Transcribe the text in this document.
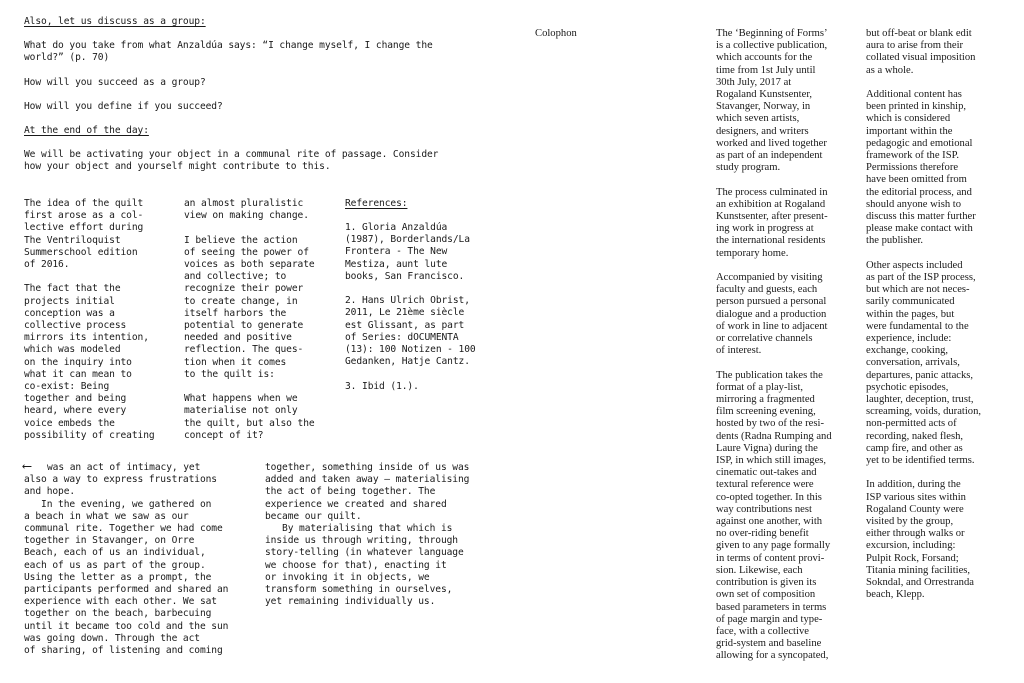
Also, let us discuss as a group:
What do you take from what Anzaldúa says: “I change myself, I change the
world?” (p. 70)
How will you succeed as a group?
How will you define if you succeed?
At the end of the day:
We will be activating your object in a communal rite of passage. Consider
how your object and yourself might contribute to this.
The idea of the quilt
first arose as a col-
lective effort during
The Ventriloquist
Summerschool edition
of 2016.
The fact that the
projects initial
conception was a
collective process
mirrors its intention,
which was modeled
on the inquiry into
what it can mean to
co-exist: Being
together and being
heard, where every
voice embeds the
possibility of creating
an almost pluralistic
view on making change.
I believe the action
of seeing the power of
voices as both separate
and collective; to
recognize their power
to create change, in
itself harbors the
potential to generate
needed and positive
reflection. The ques-
tion when it comes
to the quilt is:
What happens when we
materialise not only
the quilt, but also the
concept of it?
References:
1. Gloria Anzaldúa
(1987), Borderlands/La
Frontera - The New
Mestiza, aunt lute
books, San Francisco.
2. Hans Ulrich Obrist,
2011, Le 21ème siècle
est Glissant, as part
of Series: dOCUMENTA
(13): 100 Notizen - 100
Gedanken, Hatje Cantz.
3. Ibid (1.).
⟵	was an act of intimacy, yet
also a way to express frustrations
and hope.
In the evening, we gathered on
a beach in what we saw as our
communal rite. Together we had come
together in Stavanger, on Orre
Beach, each of us an individual,
each of us as part of the group.
Using the letter as a prompt, the
participants performed and shared an
experience with each other. We sat
together on the beach, barbecuing
until it became too cold and the sun
was going down. Through the act
of sharing, of listening and coming
together, something inside of us was
added and taken away — materialising
the act of being together. The
experience we created and shared
became our quilt.
By materialising that which is
inside us through writing, through
story-telling (in whatever language
we choose for that), enacting it
or invoking it in objects, we
transform something in ourselves,
yet remaining individually us.
Colophon	The ‘Beginning of Forms’
is a collective publication,
which accounts for the
time from 1st July until
30th July, 2017 at
Rogaland Kunstsenter,
Stavanger, Norway, in
which seven artists,
designers, and writers
worked and lived together
as part of an independent
study program.
The process culminated in
an exhibition at Rogaland
Kunstsenter, after present-
ing work in progress at
the international residents
temporary home.
Accompanied by visiting
faculty and guests, each
person pursued a personal
dialogue and a production
of work in line to adjacent
or correlative channels
of interest.
The publication takes the
format of a play-list,
mirroring a fragmented
film screening evening,
hosted by two of the resi-
dents (Radna Rumping and
Laure Vigna) during the
ISP, in which still images,
cinematic out-takes and
textural reference were
co-opted together. In this
way contributions nest
against one another, with
no over-riding benefit
given to any page formally
in terms of content provi-
sion. Likewise, each
contribution is given its
own set of composition
based parameters in terms
of page margin and type-
face, with a collective
grid-system and baseline
allowing for a syncopated,
but off-beat or blank edit
aura to arise from their
collated visual imposition
as a whole.
Additional content has
been printed in kinship,
which is considered
important within the
pedagogic and emotional
framework of the ISP.
Permissions therefore
have been omitted from
the editorial process, and
should anyone wish to
discuss this matter further
please make contact with
the publisher.
Other aspects included
as part of the ISP process,
but which are not neces-
sarily communicated
within the pages, but
were fundamental to the
experience, include:
exchange, cooking,
conversation, arrivals,
departures, panic attacks,
psychotic episodes,
laughter, deception, trust,
screaming, voids, duration,
non-permitted acts of
recording, naked flesh,
camp fire, and other as
yet to be identified terms.
In addition, during the
ISP various sites within
Rogaland County were
visited by the group,
either through walks or
excursion, including:
Pulpit Rock, Forsand;
Titania mining facilities,
Sokndal, and Orrestranda
beach, Klepp.
